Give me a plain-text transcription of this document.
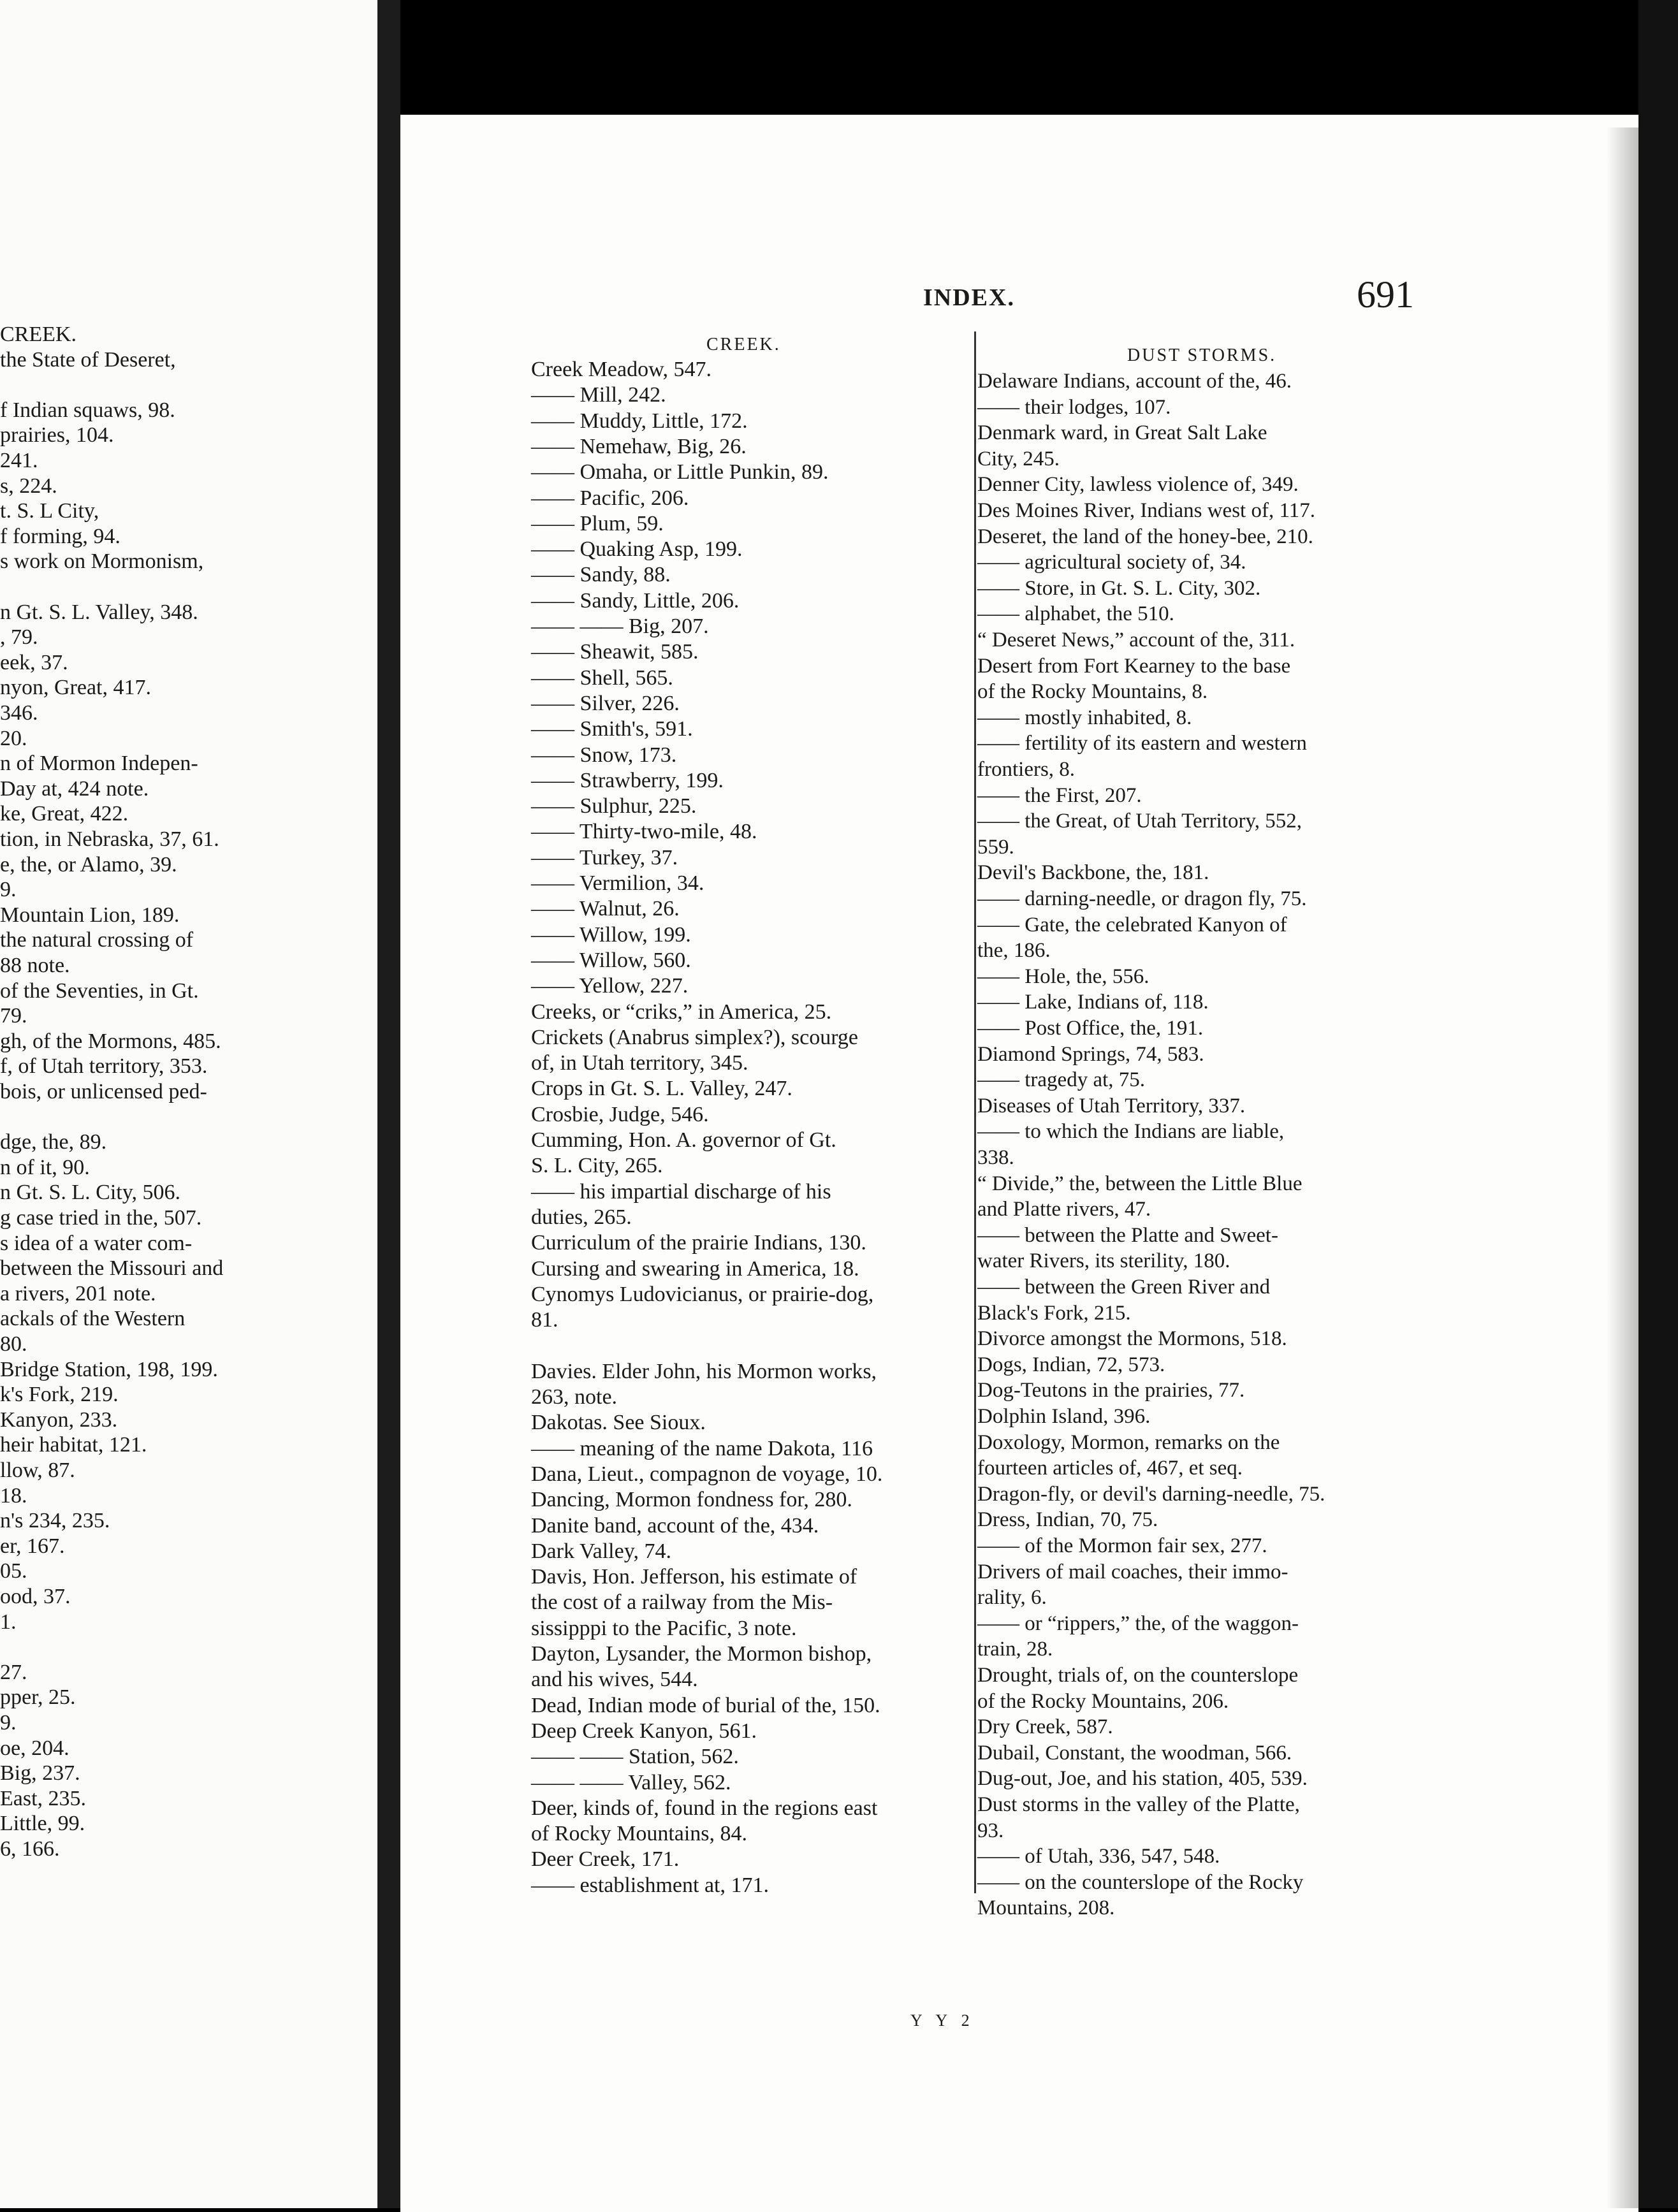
CREEK.
the State of Deseret,
f Indian squaws, 98.
prairies, 104.
241.
s, 224.
t. S. L City,
f forming, 94.
s work on Mormonism,
n Gt. S. L. Valley, 348.
, 79.
eek, 37.
nyon, Great, 417.
346.
20.
n of Mormon Indepen-
Day at, 424 note.
ke, Great, 422.
tion, in Nebraska, 37, 61.
e, the, or Alamo, 39.
9.
Mountain Lion, 189.
the natural crossing of
88 note.
of the Seventies, in Gt.
79.
gh, of the Mormons, 485.
f, of Utah territory, 353.
bois, or unlicensed ped-
dge, the, 89.
n of it, 90.
n Gt. S. L. City, 506.
g case tried in the, 507.
s idea of a water com-
between the Missouri and
a rivers, 201 note.
ackals of the Western
80.
Bridge Station, 198, 199.
k's Fork, 219.
Kanyon, 233.
heir habitat, 121.
llow, 87.
18.
n's 234, 235.
er, 167.
05.
ood, 37.
1.
27.
pper, 25.
9.
oe, 204.
Big, 237.
East, 235.
Little, 99.
6, 166.
INDEX.	691
CREEK.
DUST STORMS.
Creek Meadow, 547.
—— Mill, 242.
—— Muddy, Little, 172.
—— Nemehaw, Big, 26.
—— Omaha, or Little Punkin, 89.
—— Pacific, 206.
—— Plum, 59.
—— Quaking Asp, 199.
—— Sandy, 88.
—— Sandy, Little, 206.
—— —— Big, 207.
—— Sheawit, 585.
—— Shell, 565.
—— Silver, 226.
—— Smith's, 591.
—— Snow, 173.
—— Strawberry, 199.
—— Sulphur, 225.
—— Thirty-two-mile, 48.
—— Turkey, 37.
—— Vermilion, 34.
—— Walnut, 26.
—— Willow, 199.
—— Willow, 560.
—— Yellow, 227.
Creeks, or “criks,” in America, 25.
Crickets (Anabrus simplex?), scourge
of, in Utah territory, 345.
Crops in Gt. S. L. Valley, 247.
Crosbie, Judge, 546.
Cumming, Hon. A. governor of Gt.
S. L. City, 265.
—— his impartial discharge of his
duties, 265.
Curriculum of the prairie Indians, 130.
Cursing and swearing in America, 18.
Cynomys Ludovicianus, or prairie-dog,
81.
Davies. Elder John, his Mormon works,
263, note.
Dakotas. See Sioux.
—— meaning of the name Dakota, 116
Dana, Lieut., compagnon de voyage, 10.
Dancing, Mormon fondness for, 280.
Danite band, account of the, 434.
Dark Valley, 74.
Davis, Hon. Jefferson, his estimate of
the cost of a railway from the Mis-
sissipppi to the Pacific, 3 note.
Dayton, Lysander, the Mormon bishop,
and his wives, 544.
Dead, Indian mode of burial of the, 150.
Deep Creek Kanyon, 561.
—— —— Station, 562.
—— —— Valley, 562.
Deer, kinds of, found in the regions east
of Rocky Mountains, 84.
Deer Creek, 171.
—— establishment at, 171.
Delaware Indians, account of the, 46.
—— their lodges, 107.
Denmark ward, in Great Salt Lake
City, 245.
Denner City, lawless violence of, 349.
Des Moines River, Indians west of, 117.
Deseret, the land of the honey-bee, 210.
—— agricultural society of, 34.
—— Store, in Gt. S. L. City, 302.
—— alphabet, the 510.
“ Deseret News,” account of the, 311.
Desert from Fort Kearney to the base
of the Rocky Mountains, 8.
—— mostly inhabited, 8.
—— fertility of its eastern and western
frontiers, 8.
—— the First, 207.
—— the Great, of Utah Territory, 552,
559.
Devil's Backbone, the, 181.
—— darning-needle, or dragon fly, 75.
—— Gate, the celebrated Kanyon of
the, 186.
—— Hole, the, 556.
—— Lake, Indians of, 118.
—— Post Office, the, 191.
Diamond Springs, 74, 583.
—— tragedy at, 75.
Diseases of Utah Territory, 337.
—— to which the Indians are liable,
338.
“ Divide,” the, between the Little Blue
and Platte rivers, 47.
—— between the Platte and Sweet-
water Rivers, its sterility, 180.
—— between the Green River and
Black's Fork, 215.
Divorce amongst the Mormons, 518.
Dogs, Indian, 72, 573.
Dog-Teutons in the prairies, 77.
Dolphin Island, 396.
Doxology, Mormon, remarks on the
fourteen articles of, 467, et seq.
Dragon-fly, or devil's darning-needle, 75.
Dress, Indian, 70, 75.
—— of the Mormon fair sex, 277.
Drivers of mail coaches, their immo-
rality, 6.
—— or “rippers,” the, of the waggon-
train, 28.
Drought, trials of, on the counterslope
of the Rocky Mountains, 206.
Dry Creek, 587.
Dubail, Constant, the woodman, 566.
Dug-out, Joe, and his station, 405, 539.
Dust storms in the valley of the Platte,
93.
—— of Utah, 336, 547, 548.
—— on the counterslope of the Rocky
Mountains, 208.
Y Y 2
